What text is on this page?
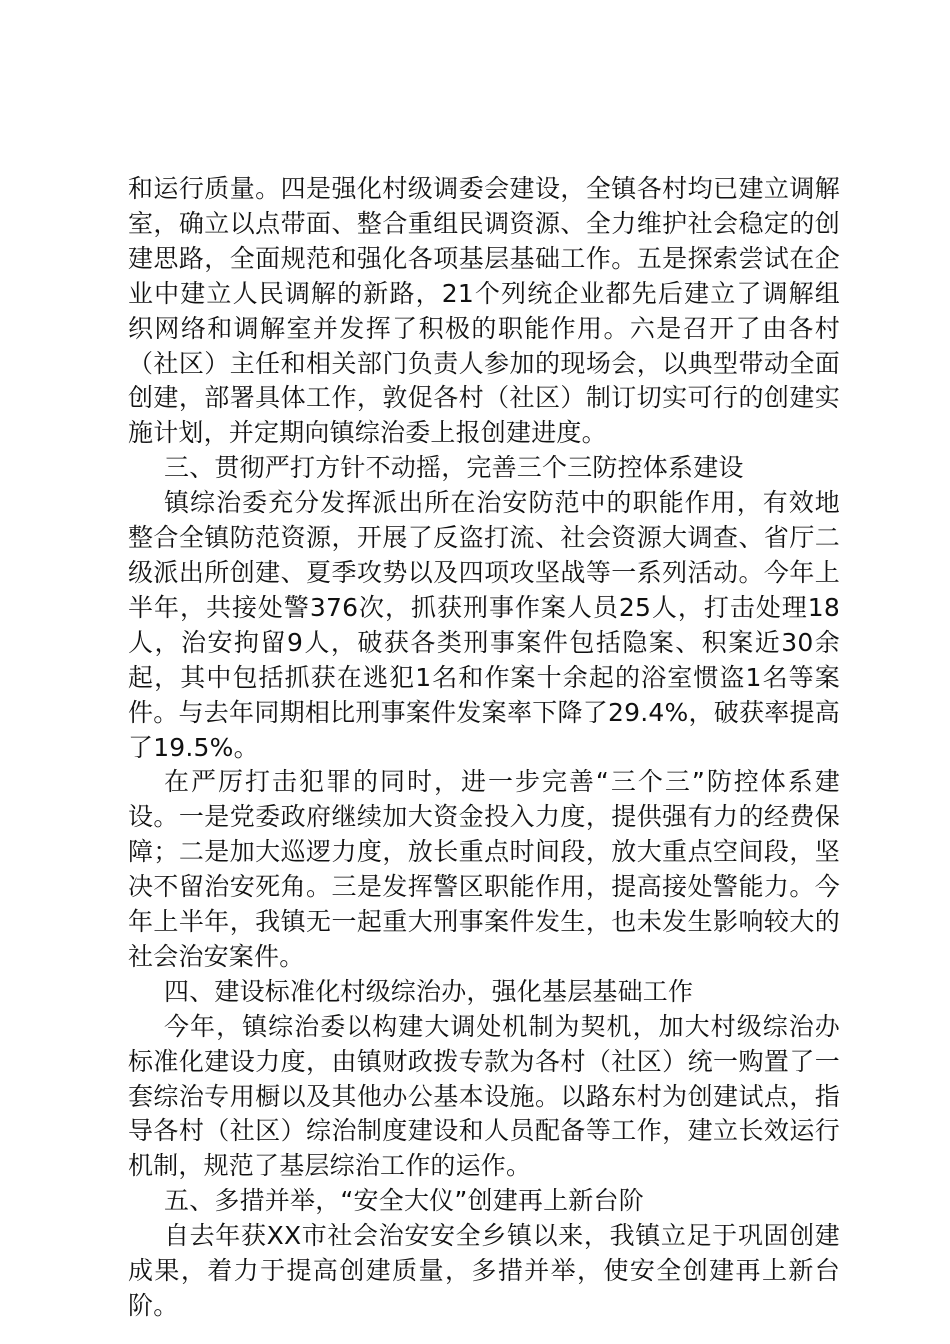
和运行质量。四是强化村级调委会建设，全镇各村均已建立调解室，确立以点带面、整合重组民调资源、全力维护社会稳定的创建思路，全面规范和强化各项基层基础工作。五是探索尝试在企业中建立人民调解的新路，21个列统企业都先后建立了调解组织网络和调解室并发挥了积极的职能作用。六是召开了由各村（社区）主任和相关部门负责人参加的现场会，以典型带动全面创建，部署具体工作，敦促各村（社区）制订切实可行的创建实施计划，并定期向镇综治委上报创建进度。

三、贯彻严打方针不动摇，完善三个三防控体系建设

镇综治委充分发挥派出所在治安防范中的职能作用，有效地整合全镇防范资源，开展了反盗打流、社会资源大调查、省厅二级派出所创建、夏季攻势以及四项攻坚战等一系列活动。今年上半年，共接处警376次，抓获刑事作案人员25人，打击处理18人，治安拘留9人，破获各类刑事案件包括隐案、积案近30余起，其中包括抓获在逃犯1名和作案十余起的浴室惯盗1名等案件。与去年同期相比刑事案件发案率下降了29.4%，破获率提高了19.5%。

在严厉打击犯罪的同时，进一步完善“三个三”防控体系建设。一是党委政府继续加大资金投入力度，提供强有力的经费保障；二是加大巡逻力度，放长重点时间段，放大重点空间段，坚决不留治安死角。三是发挥警区职能作用，提高接处警能力。今年上半年，我镇无一起重大刑事案件发生，也未发生影响较大的社会治安案件。

四、建设标准化村级综治办，强化基层基础工作

今年，镇综治委以构建大调处机制为契机，加大村级综治办标准化建设力度，由镇财政拨专款为各村（社区）统一购置了一套综治专用橱以及其他办公基本设施。以路东村为创建试点，指导各村（社区）综治制度建设和人员配备等工作，建立长效运行机制，规范了基层综治工作的运作。

五、多措并举，“安全大仪”创建再上新台阶

自去年获XX市社会治安安全乡镇以来，我镇立足于巩固创建成果，着力于提高创建质量，多措并举，使安全创建再上新台阶。
